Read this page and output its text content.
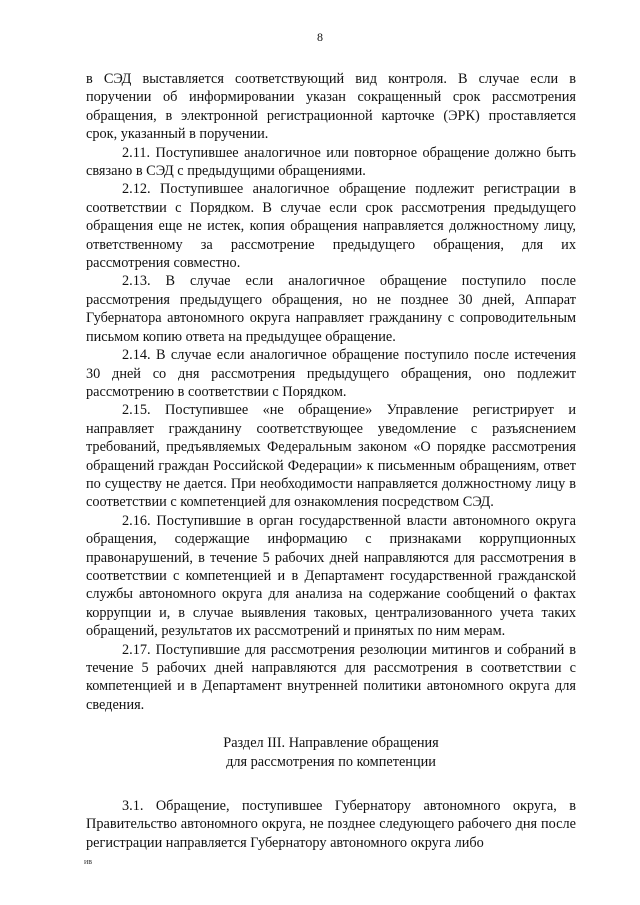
8

в СЭД выставляется соответствующий вид контроля. В случае если в поручении об информировании указан сокращенный срок рассмотрения обращения, в электронной регистрационной карточке (ЭРК) проставляется срок, указанный в поручении.

2.11. Поступившее аналогичное или повторное обращение должно быть связано в СЭД с предыдущими обращениями.

2.12. Поступившее аналогичное обращение подлежит регистрации в соответствии с Порядком. В случае если срок рассмотрения предыдущего обращения еще не истек, копия обращения направляется должностному лицу, ответственному за рассмотрение предыдущего обращения, для их рассмотрения совместно.

2.13. В случае если аналогичное обращение поступило после рассмотрения предыдущего обращения, но не позднее 30 дней, Аппарат Губернатора автономного округа направляет гражданину с сопроводительным письмом копию ответа на предыдущее обращение.

2.14. В случае если аналогичное обращение поступило после истечения 30 дней со дня рассмотрения предыдущего обращения, оно подлежит рассмотрению в соответствии с Порядком.

2.15. Поступившее «не обращение» Управление регистрирует и направляет гражданину соответствующее уведомление с разъяснением требований, предъявляемых Федеральным законом «О порядке рассмотрения обращений граждан Российской Федерации» к письменным обращениям, ответ по существу не дается. При необходимости направляется должностному лицу в соответствии с компетенцией для ознакомления посредством СЭД.

2.16. Поступившие в орган государственной власти автономного округа обращения, содержащие информацию с признаками коррупционных правонарушений, в течение 5 рабочих дней направляются для рассмотрения в соответствии с компетенцией и в Департамент государственной гражданской службы автономного округа для анализа на содержание сообщений о фактах коррупции и, в случае выявления таковых, централизованного учета таких обращений, результатов их рассмотрений и принятых по ним мерам.

2.17. Поступившие для рассмотрения резолюции митингов и собраний в течение 5 рабочих дней направляются для рассмотрения в соответствии с компетенцией и в Департамент внутренней политики автономного округа для сведения.

Раздел III. Направление обращения
для рассмотрения по компетенции

3.1. Обращение, поступившее Губернатору автономного округа, в Правительство автономного округа, не позднее следующего рабочего дня после регистрации направляется Губернатору автономного округа либо

ив
